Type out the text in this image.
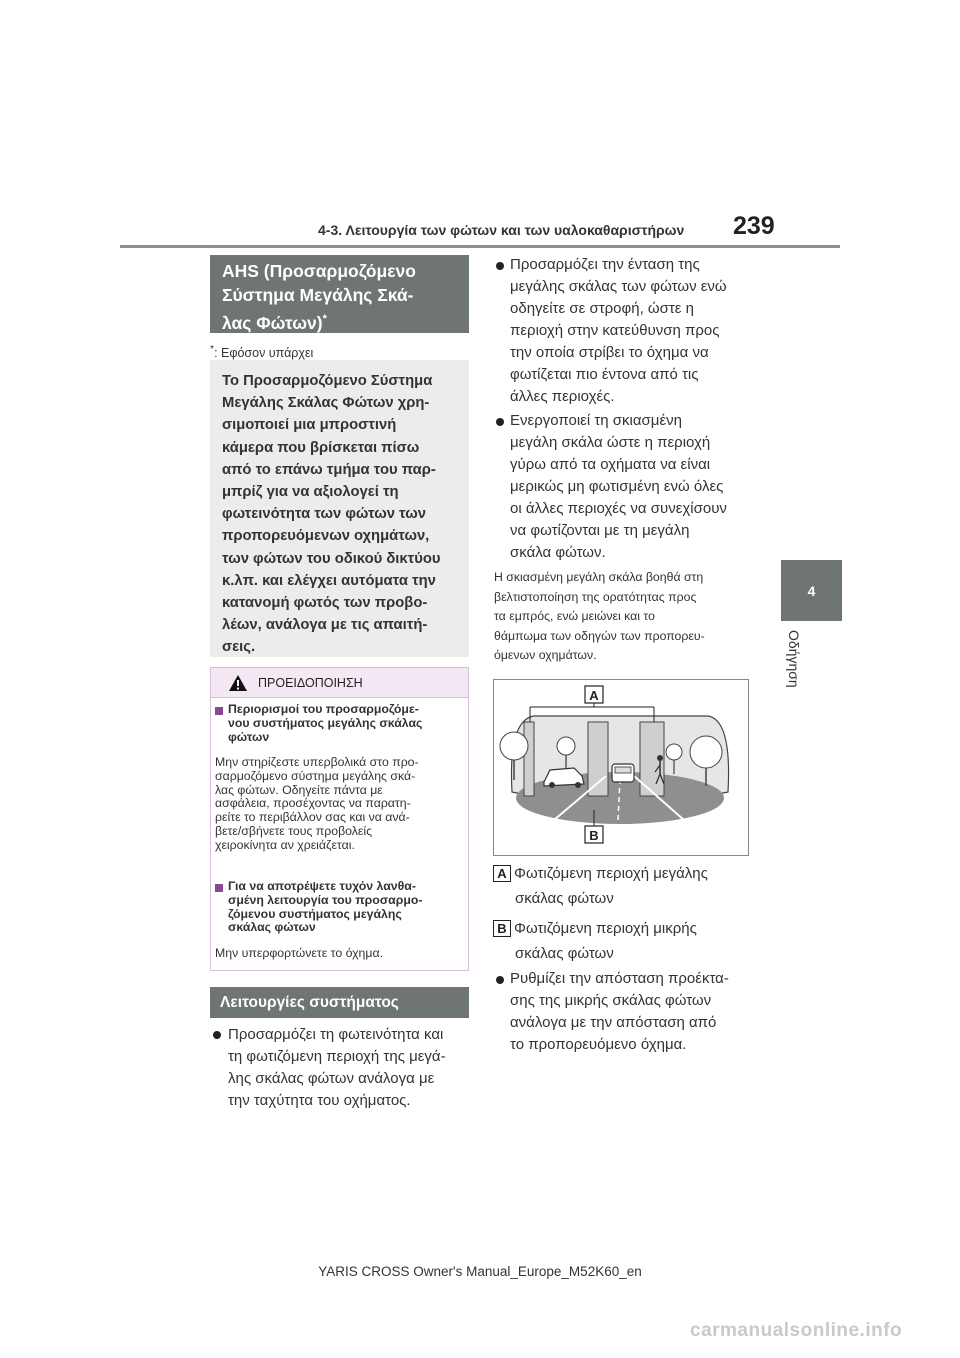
4-3. Λειτουργία των φώτων και των υαλοκαθαριστήρων 239
4
Οδήγηση
AHS (Προσαρμοζόμενο
Σύστημα Μεγάλης Σκά-
λας Φώτων)*
*: Εφόσον υπάρχει
Το Προσαρμοζόμενο Σύστημα
Μεγάλης Σκάλας Φώτων χρη-
σιμοποιεί μια μπροστινή
κάμερα που βρίσκεται πίσω
από το επάνω τμήμα του παρ-
μπρίζ για να αξιολογεί τη
φωτεινότητα των φώτων των
προπορευόμενων οχημάτων,
των φώτων του οδικού δικτύου
κ.λπ. και ελέγχει αυτόματα την
κατανομή φωτός των προβο-
λέων, ανάλογα με τις απαιτή-
σεις.
ΠΡΟΕΙΔΟΠΟΙΗΣΗ
Περιορισμοί του προσαρμοζόμε-
νου συστήματος μεγάλης σκάλας
φώτων
Μην στηρίζεστε υπερβολικά στο προ-
σαρμοζόμενο σύστημα μεγάλης σκά-
λας φώτων. Οδηγείτε πάντα με
ασφάλεια, προσέχοντας να παρατη-
ρείτε το περιβάλλον σας και να ανά-
βετε/σβήνετε τους προβολείς
χειροκίνητα αν χρειάζεται.
Για να αποτρέψετε τυχόν λανθα-
σμένη λειτουργία του προσαρμο-
ζόμενου συστήματος μεγάλης
σκάλας φώτων
Μην υπερφορτώνετε το όχημα.
Λειτουργίες συστήματος
Προσαρμόζει τη φωτεινότητα και
τη φωτιζόμενη περιοχή της μεγά-
λης σκάλας φώτων ανάλογα με
την ταχύτητα του οχήματος.
Προσαρμόζει την ένταση της
μεγάλης σκάλας των φώτων ενώ
οδηγείτε σε στροφή, ώστε η
περιοχή στην κατεύθυνση προς
την οποία στρίβει το όχημα να
φωτίζεται πιο έντονα από τις
άλλες περιοχές.
Ενεργοποιεί τη σκιασμένη
μεγάλη σκάλα ώστε η περιοχή
γύρω από τα οχήματα να είναι
μερικώς μη φωτισμένη ενώ όλες
οι άλλες περιοχές να συνεχίσουν
να φωτίζονται με τη μεγάλη
σκάλα φώτων.
Η σκιασμένη μεγάλη σκάλα βοηθά στη
βελτιστοποίηση της ορατότητας προς
τα εμπρός, ενώ μειώνει και το
θάμπωμα των οδηγών των προπορευ-
όμενων οχημάτων.
A
B
A Φωτιζόμενη περιοχή μεγάλης
σκάλας φώτων
B Φωτιζόμενη περιοχή μικρής
σκάλας φώτων
Ρυθμίζει την απόσταση προέκτα-
σης της μικρής σκάλας φώτων
ανάλογα με την απόσταση από
το προπορευόμενο όχημα.
YARIS CROSS Owner's Manual_Europe_M52K60_en
carmanualsonline.info
